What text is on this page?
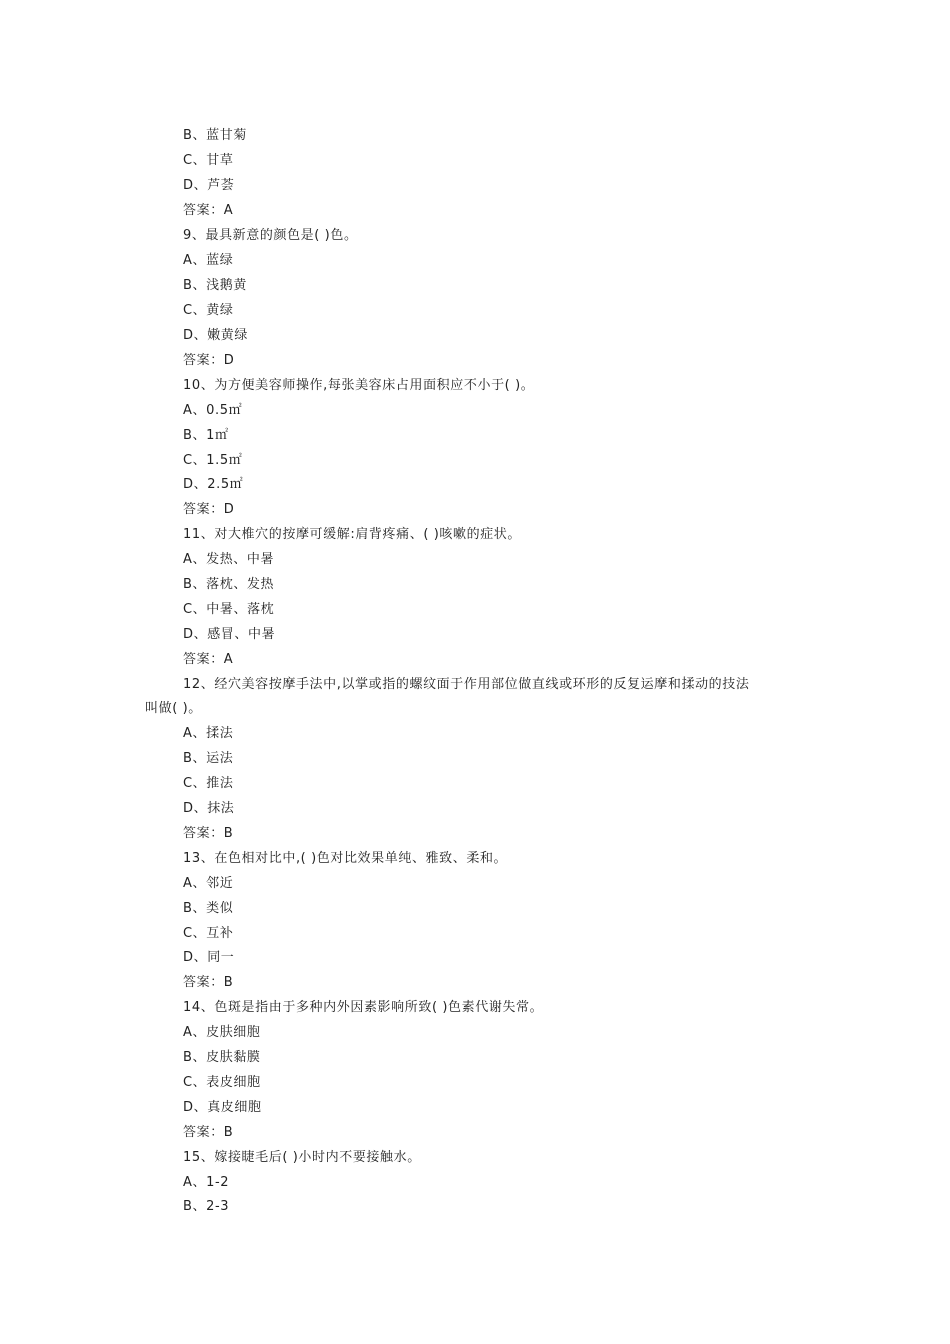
B、蓝甘菊
C、甘草
D、芦荟
答案：A
9、最具新意的颜色是( )色。
A、蓝绿
B、浅鹅黄
C、黄绿
D、嫩黄绿
答案：D
10、为方便美容师操作,每张美容床占用面积应不小于( )。
A、0.5㎡
B、1㎡
C、1.5㎡
D、2.5㎡
答案：D
11、对大椎穴的按摩可缓解:肩背疼痛、( )咳嗽的症状。
A、发热、中暑
B、落枕、发热
C、中暑、落枕
D、感冒、中暑
答案：A
12、经穴美容按摩手法中,以掌或指的螺纹面于作用部位做直线或环形的反复运摩和揉动的技法
叫做( )。
A、揉法
B、运法
C、推法
D、抹法
答案：B
13、在色相对比中,( )色对比效果单纯、雅致、柔和。
A、邻近
B、类似
C、互补
D、同一
答案：B
14、色斑是指由于多种内外因素影响所致( )色素代谢失常。
A、皮肤细胞
B、皮肤黏膜
C、表皮细胞
D、真皮细胞
答案：B
15、嫁接睫毛后( )小时内不要接触水。
A、1-2
B、2-3
